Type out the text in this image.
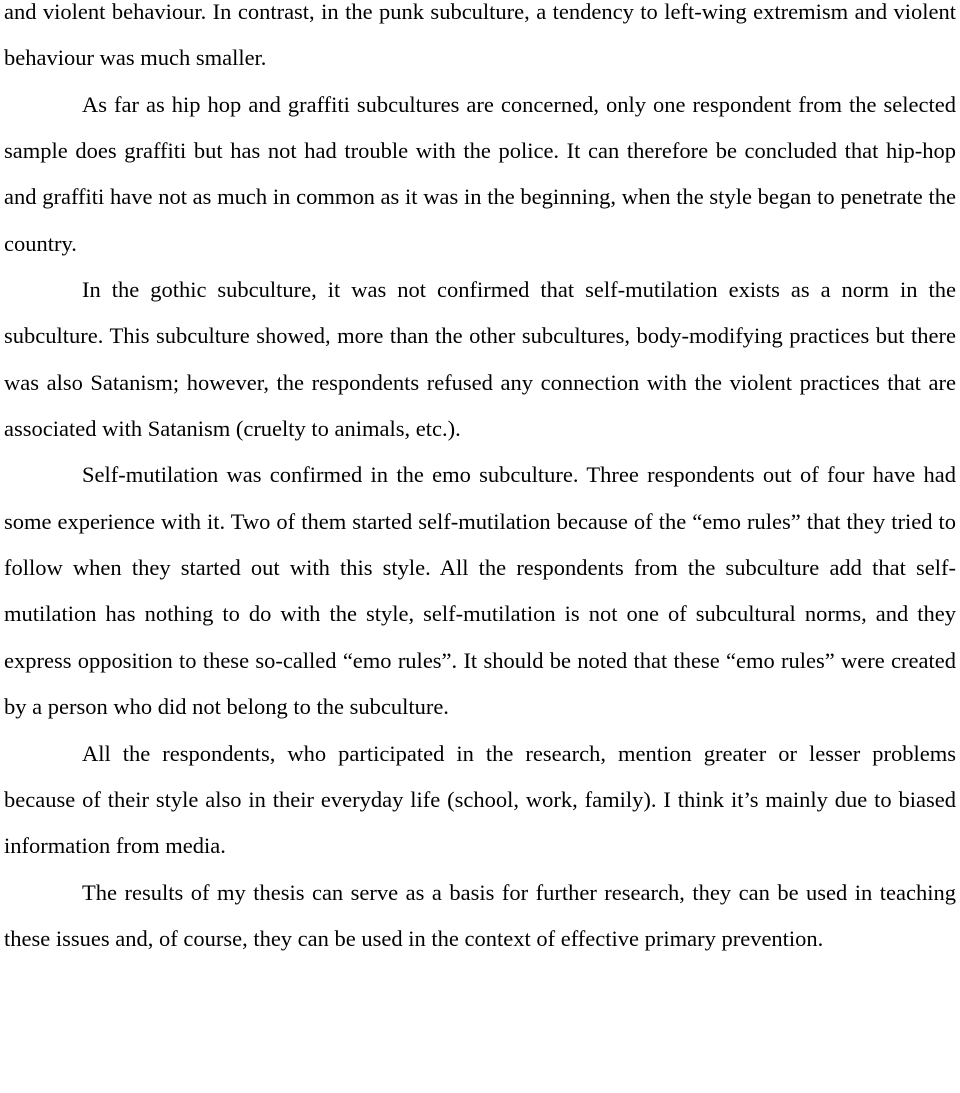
and violent behaviour. In contrast, in the punk subculture, a tendency to left-wing extremism and violent behaviour was much smaller.

As far as hip hop and graffiti subcultures are concerned, only one respondent from the selected sample does graffiti but has not had trouble with the police. It can therefore be concluded that hip-hop and graffiti have not as much in common as it was in the beginning, when the style began to penetrate the country.

In the gothic subculture, it was not confirmed that self-mutilation exists as a norm in the subculture. This subculture showed, more than the other subcultures, body-modifying practices but there was also Satanism; however, the respondents refused any connection with the violent practices that are associated with Satanism (cruelty to animals, etc.).

Self-mutilation was confirmed in the emo subculture. Three respondents out of four have had some experience with it. Two of them started self-mutilation because of the “emo rules” that they tried to follow when they started out with this style. All the respondents from the subculture add that self-mutilation has nothing to do with the style, self-mutilation is not one of subcultural norms, and they express opposition to these so-called “emo rules”. It should be noted that these “emo rules” were created by a person who did not belong to the subculture.

All the respondents, who participated in the research, mention greater or lesser problems because of their style also in their everyday life (school, work, family). I think it’s mainly due to biased information from media.

The results of my thesis can serve as a basis for further research, they can be used in teaching these issues and, of course, they can be used in the context of effective primary prevention.
